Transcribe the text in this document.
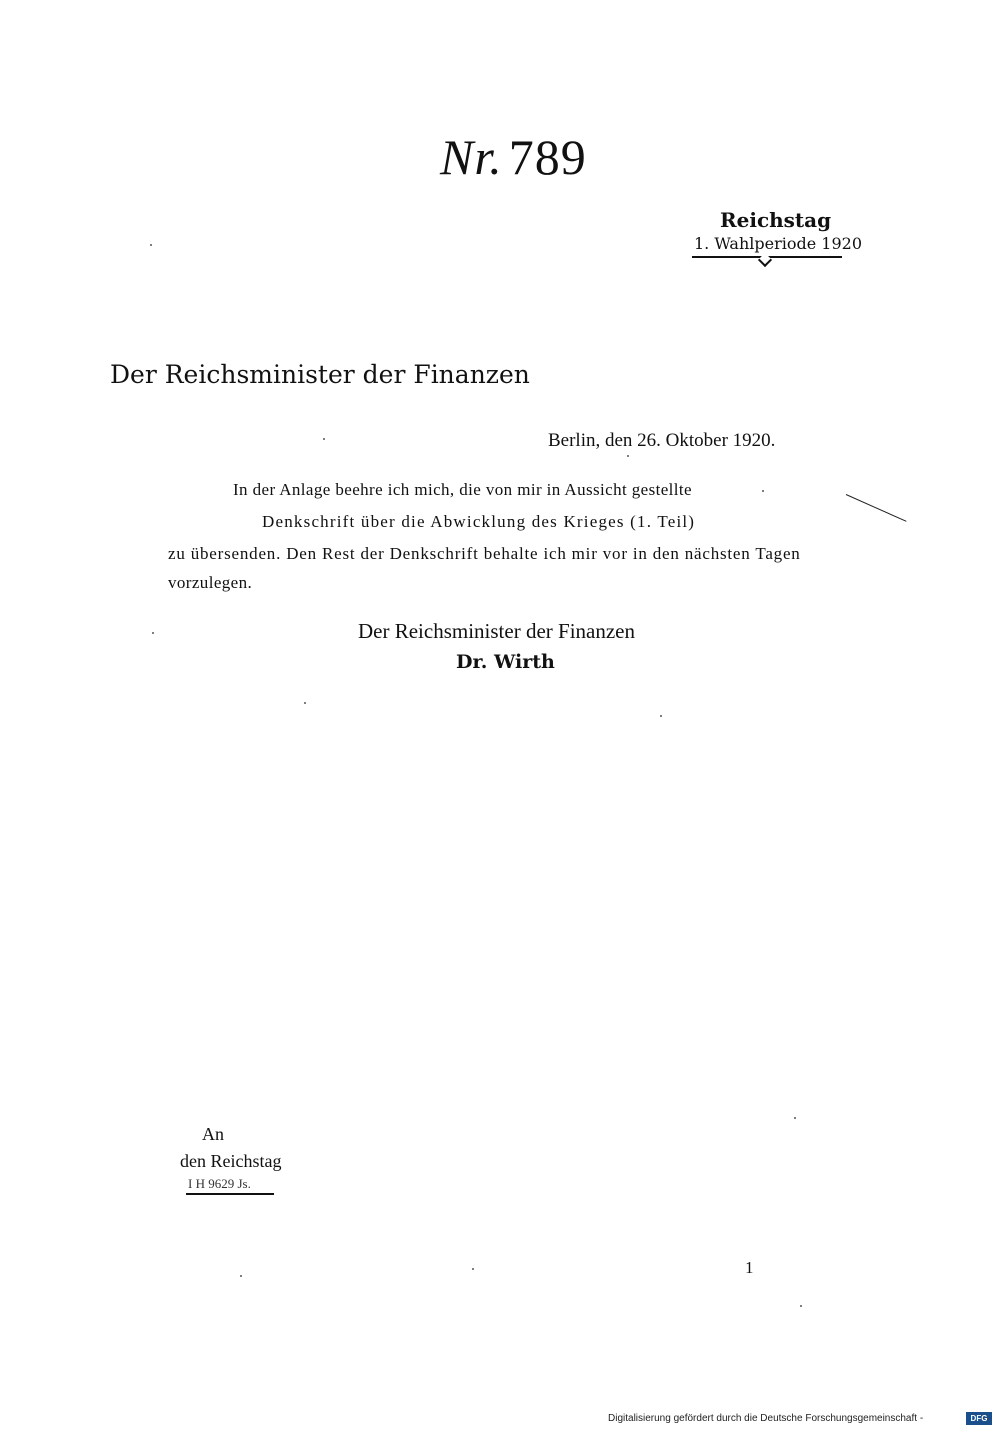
Nr. 789
Reichstag
1. Wahlperiode 1920
Der Reichsminister der Finanzen
Berlin, den 26. Oktober 1920.
In der Anlage beehre ich mich, die von mir in Aussicht gestellte
Denkschrift über die Abwicklung des Krieges (1. Teil)
zu übersenden. Den Rest der Denkschrift behalte ich mir vor in den nächsten Tagen
vorzulegen.
Der Reichsminister der Finanzen
Dr. Wirth
An
den Reichstag
I H 9629 Js.
1
Digitalisierung gefördert durch die Deutsche Forschungsgemeinschaft -	DFG
